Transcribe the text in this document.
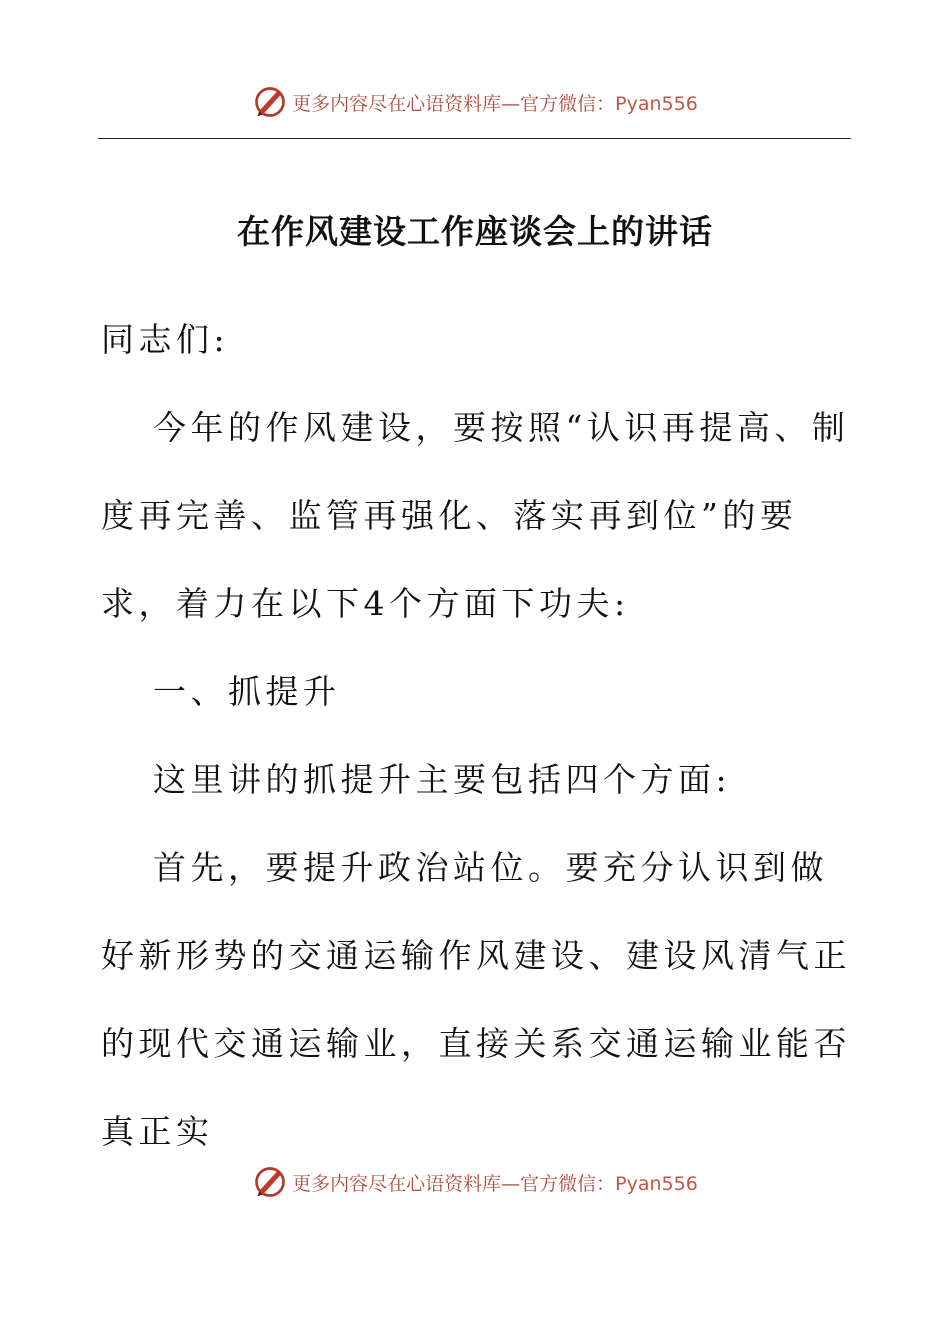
更多内容尽在心语资料库—官方微信：Pyan556
在作风建设工作座谈会上的讲话

同志们:

今年的作风建设，要按照“认识再提高、制度再完善、监管再强化、落实再到位”的要求，着力在以下4个方面下功夫:

一、抓提升

这里讲的抓提升主要包括四个方面:

首先，要提升政治站位。要充分认识到做好新形势的交通运输作风建设、建设风清气正的现代交通运输业，直接关系交通运输业能否真正实

更多内容尽在心语资料库—官方微信：Pyan556
